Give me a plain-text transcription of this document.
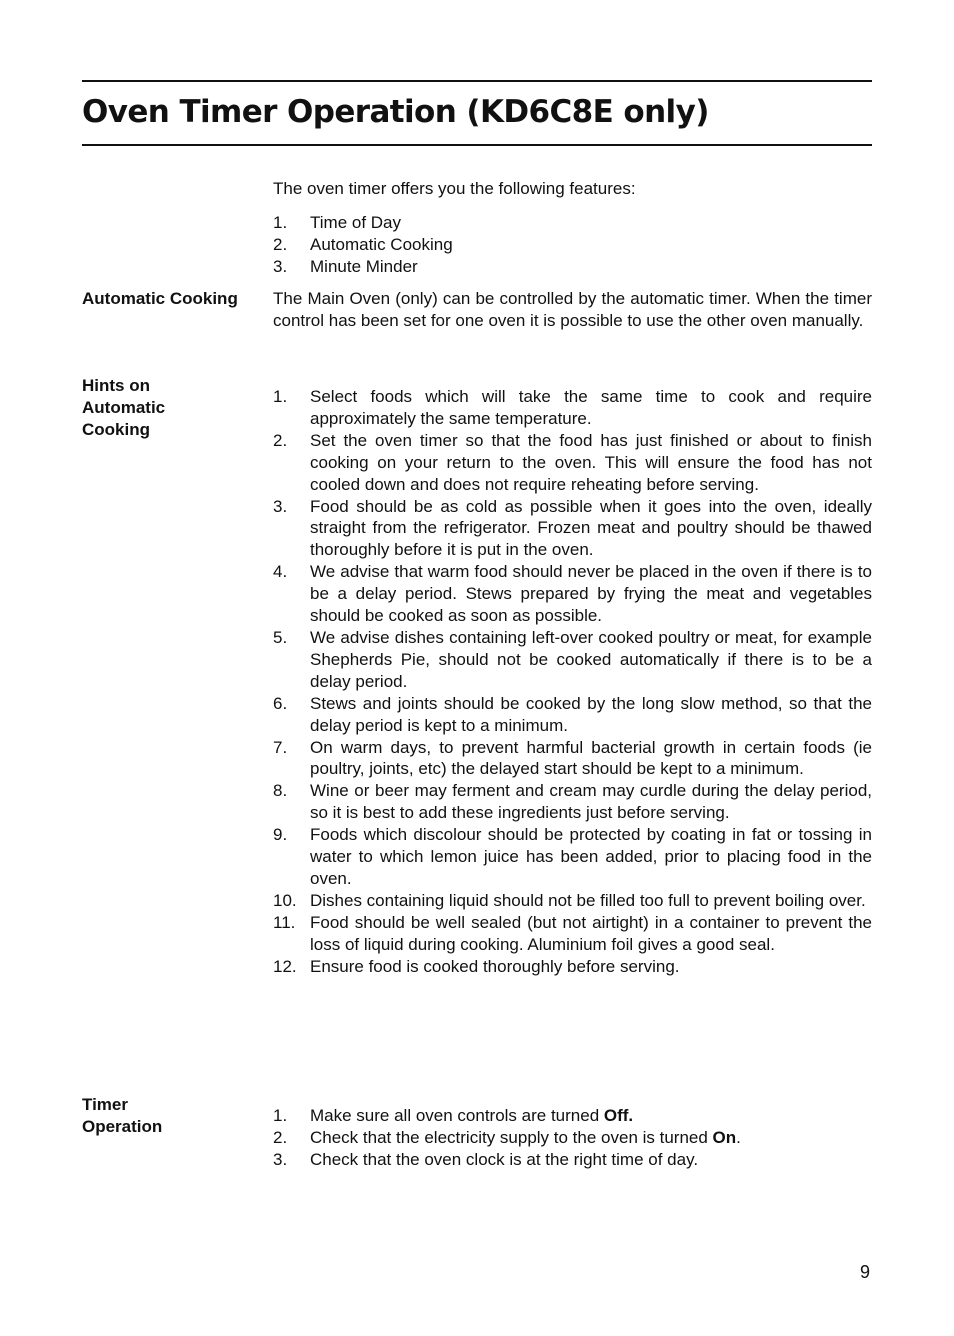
Oven Timer Operation (KD6C8E only)
The oven timer offers you the following features:
1. Time of Day
2. Automatic Cooking
3. Minute Minder
Automatic Cooking	The Main Oven (only) can be controlled by the automatic timer. When the timer control has been set for one oven it is possible to use the other oven manually.
Hints on
Automatic
Cooking
1. Select foods which will take the same time to cook and require approximately the same temperature.
2. Set the oven timer so that the food has just finished or about to finish cooking on your return to the oven. This will ensure the food has not cooled down and does not require reheating before serving.
3. Food should be as cold as possible when it goes into the oven, ideally straight from the refrigerator. Frozen meat and poultry should be thawed thoroughly before it is put in the oven.
4. We advise that warm food should never be placed in the oven if there is to be a delay period. Stews prepared by frying the meat and vegetables should be cooked as soon as possible.
5. We advise dishes containing left-over cooked poultry or meat, for example Shepherds Pie, should not be cooked automatically if there is to be a delay period.
6. Stews and joints should be cooked by the long slow method, so that the delay period is kept to a minimum.
7. On warm days, to prevent harmful bacterial growth in certain foods (ie poultry, joints, etc) the delayed start should be kept to a minimum.
8. Wine or beer may ferment and cream may curdle during the delay period, so it is best to add these ingredients just before serving.
9. Foods which discolour should be protected by coating in fat or tossing in water to which lemon juice has been added, prior to placing food in the oven.
10. Dishes containing liquid should not be filled too full to prevent boiling over.
11. Food should be well sealed (but not airtight) in a container to prevent the loss of liquid during cooking. Aluminium foil gives a good seal.
12. Ensure food is cooked thoroughly before serving.
Timer
Operation
1. Make sure all oven controls are turned Off.
2. Check that the electricity supply to the oven is turned On.
3. Check that the oven clock is at the right time of day.
9
